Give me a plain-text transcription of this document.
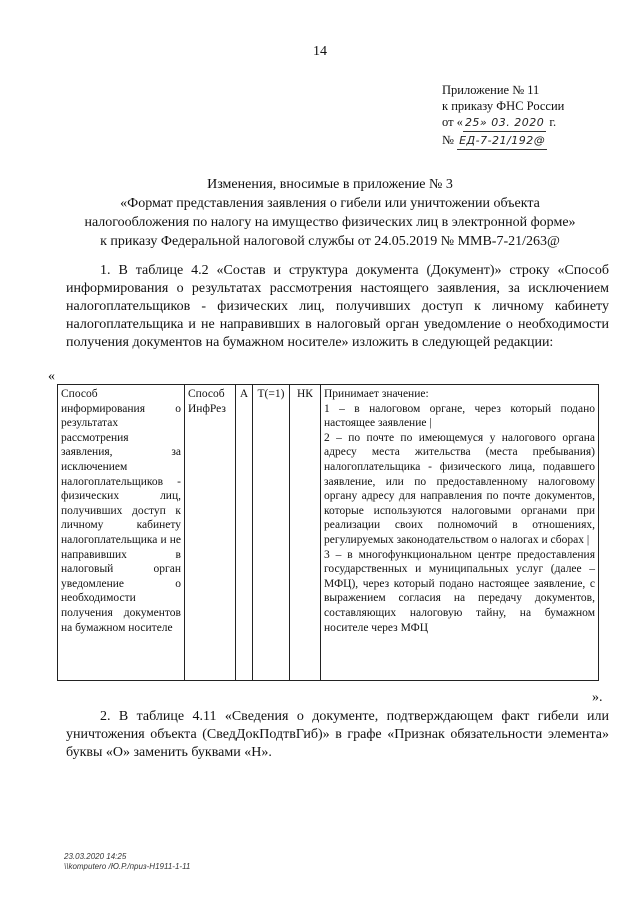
14
Приложение № 11
к приказу ФНС России
от « 25» 03. 2020 г.
№ ЕД-7-21/192@
Изменения, вносимые в приложение № 3
«Формат представления заявления о гибели или уничтожении объекта
налогообложения по налогу на имущество физических лиц в электронной форме»
к приказу Федеральной налоговой службы от 24.05.2019 № ММВ-7-21/263@
1. В таблице 4.2 «Состав и структура документа (Документ)» строку «Способ информирования о результатах рассмотрения настоящего заявления, за исключением налогоплательщиков - физических лиц, получивших доступ к личному кабинету налогоплательщика и не направивших в налоговый орган уведомление о необходимости получения документов на бумажном носителе» изложить в следующей редакции:
«
Способ информирования о результатах рассмотрения заявления, за исключением налогоплательщиков - физических лиц, получивших доступ к личному кабинету налогоплательщика и не направивших в налоговый орган уведомление о необходимости получения документов на бумажном носителе	Способ ИнфРез	А	Т(=1)	НК	Принимает значение:
1 – в налоговом органе, через который подано настоящее заявление |
2 – по почте по имеющемуся у налогового органа адресу места жительства (места пребывания) налогоплательщика - физического лица, подавшего заявление, или по предоставленному налоговому органу адресу для направления по почте документов, которые используются налоговыми органами при реализации своих полномочий в отношениях, регулируемых законодательством о налогах и сборах |
3 – в многофункциональном центре предоставления государственных и муниципальных услуг (далее – МФЦ), через который подано настоящее заявление, с выражением согласия на передачу документов, составляющих налоговую тайну, на бумажном носителе через МФЦ
».
2. В таблице 4.11 «Сведения о документе, подтверждающем факт гибели или уничтожения объекта (СведДокПодтвГиб)» в графе «Признак обязательности элемента» буквы «О» заменить буквами «Н».
23.03.2020 14:25
\\komputero /Ю.Р./приз-Н1911-1-11
